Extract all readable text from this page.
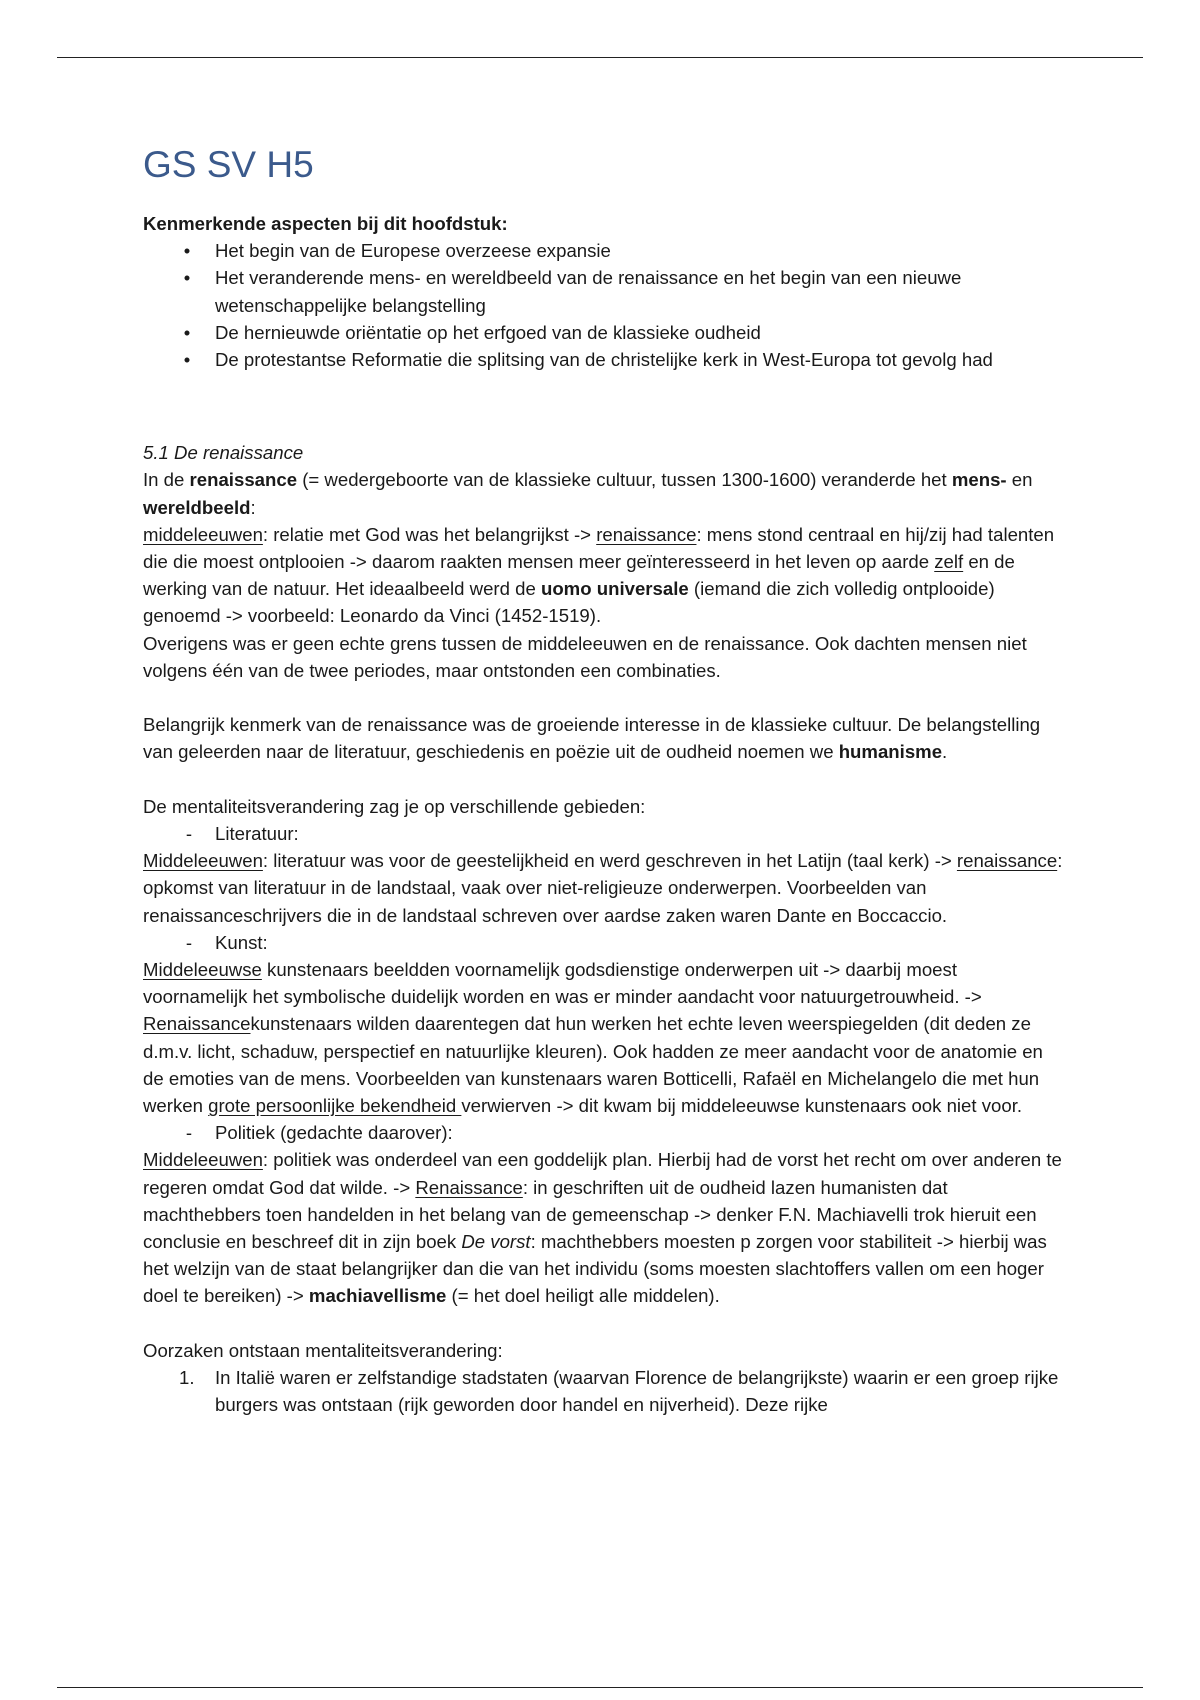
GS SV H5

Kenmerkende aspecten bij dit hoofdstuk:

• Het begin van de Europese overzeese expansie
• Het veranderende mens- en wereldbeeld van de renaissance en het begin van een nieuwe wetenschappelijke belangstelling
• De hernieuwde oriëntatie op het erfgoed van de klassieke oudheid
• De protestantse Reformatie die splitsing van de christelijke kerk in West-Europa tot gevolg had

5.1 De renaissance

In de renaissance (= wedergeboorte van de klassieke cultuur, tussen 1300-1600) veranderde het mens- en wereldbeeld:

middeleeuwen: relatie met God was het belangrijkst -> renaissance: mens stond centraal en hij/zij had talenten die die moest ontplooien -> daarom raakten mensen meer geïnteresseerd in het leven op aarde zelf en de werking van de natuur. Het ideaalbeeld werd de uomo universale (iemand die zich volledig ontplooide) genoemd -> voorbeeld: Leonardo da Vinci (1452-1519).

Overigens was er geen echte grens tussen de middeleeuwen en de renaissance. Ook dachten mensen niet volgens één van de twee periodes, maar ontstonden een combinaties.

Belangrijk kenmerk van de renaissance was de groeiende interesse in de klassieke cultuur. De belangstelling van geleerden naar de literatuur, geschiedenis en poëzie uit de oudheid noemen we humanisme.

De mentaliteitsverandering zag je op verschillende gebieden:

- Literatuur:

Middeleeuwen: literatuur was voor de geestelijkheid en werd geschreven in het Latijn (taal kerk) -> renaissance: opkomst van literatuur in de landstaal, vaak over niet-religieuze onderwerpen. Voorbeelden van renaissanceschrijvers die in de landstaal schreven over aardse zaken waren Dante en Boccaccio.

- Kunst:

Middeleeuwse kunstenaars beeldden voornamelijk godsdienstige onderwerpen uit -> daarbij moest voornamelijk het symbolische duidelijk worden en was er minder aandacht voor natuurgetrouwheid. -> Renaissancekunstenaars wilden daarentegen dat hun werken het echte leven weerspiegelden (dit deden ze d.m.v. licht, schaduw, perspectief en natuurlijke kleuren). Ook hadden ze meer aandacht voor de anatomie en de emoties van de mens. Voorbeelden van kunstenaars waren Botticelli, Rafaël en Michelangelo die met hun werken grote persoonlijke bekendheid verwierven -> dit kwam bij middeleeuwse kunstenaars ook niet voor.

- Politiek (gedachte daarover):

Middeleeuwen: politiek was onderdeel van een goddelijk plan. Hierbij had de vorst het recht om over anderen te regeren omdat God dat wilde. -> Renaissance: in geschriften uit de oudheid lazen humanisten dat machthebbers toen handelden in het belang van de gemeenschap -> denker F.N. Machiavelli trok hieruit een conclusie en beschreef dit in zijn boek De vorst: machthebbers moesten p zorgen voor stabiliteit -> hierbij was het welzijn van de staat belangrijker dan die van het individu (soms moesten slachtoffers vallen om een hoger doel te bereiken) -> machiavellisme (= het doel heiligt alle middelen).

Oorzaken ontstaan mentaliteitsverandering:

1.	In Italië waren er zelfstandige stadstaten (waarvan Florence de belangrijkste) waarin er een groep rijke burgers was ontstaan (rijk geworden door handel en nijverheid). Deze rijke
